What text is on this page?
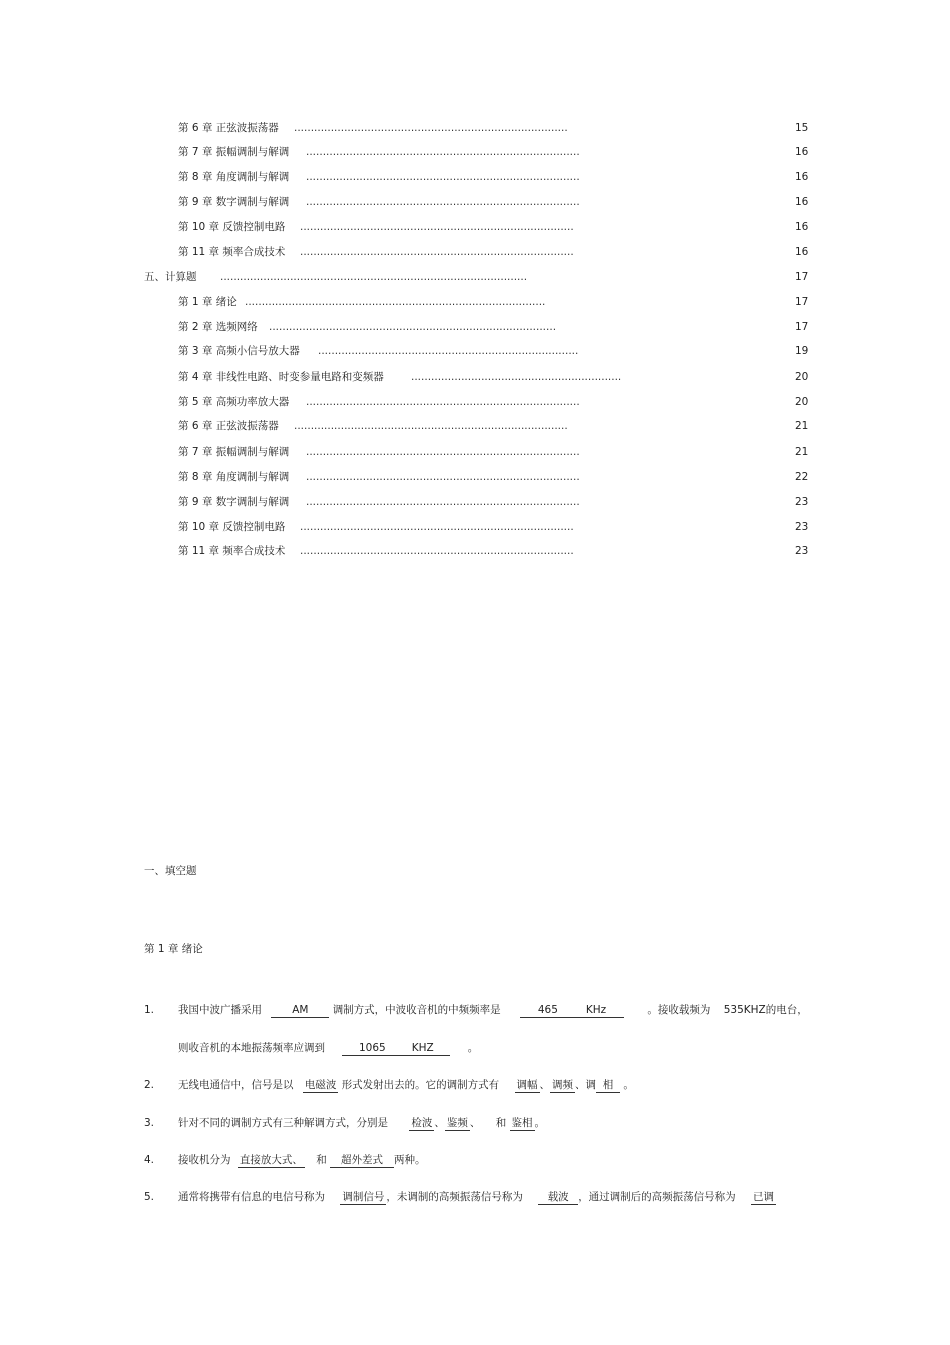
第 6 章 正弦波振荡器 ..................................................................................	15
第 7 章 振幅调制与解调 ..................................................................................	16
第 8 章 角度调制与解调 ..................................................................................	16
第 9 章 数字调制与解调 ..................................................................................	16
第 10 章 反馈控制电路 ..................................................................................	16
第 11 章 频率合成技术 ..................................................................................	16
五、计算题 ............................................................................................	17
第 1 章 绪论 ..........................................................................................	17
第 2 章 选频网络 ......................................................................................	17
第 3 章 高频小信号放大器 ..............................................................................	19
第 4 章 非线性电路、时变参量电路和变频器	...............................................................	20
第 5 章 高频功率放大器 ..................................................................................	20
第 6 章 正弦波振荡器 ..................................................................................	21
第 7 章 振幅调制与解调 ..................................................................................	21
第 8 章 角度调制与解调 ..................................................................................	22
第 9 章 数字调制与解调 ..................................................................................	23
第 10 章 反馈控制电路 ..................................................................................	23
第 11 章 频率合成技术 ..................................................................................	23
一、填空题
第 1 章 绪论
1. 我国中波广播采用	AM 调制方式，中波收音机的中频频率是	465	KHz	。接收载频为 535KHZ的电台，
则收音机的本地振荡频率应调到	1065 KHZ	。
2. 无线电通信中，信号是以 电磁波 形式发射出去的。它的调制方式有 调幅 、 调频 、调 相 。
3. 针对不同的调制方式有三种解调方式，分别是 检波 、 鉴频 、 和 鉴相 。
4. 接收机分为 直接放大式、 和 超外差式 两种。
5. 通常将携带有信息的电信号称为 调制信号 ，未调制的高频振荡信号称为 载波 ，通过调制后的高频振荡信号称为 已调
